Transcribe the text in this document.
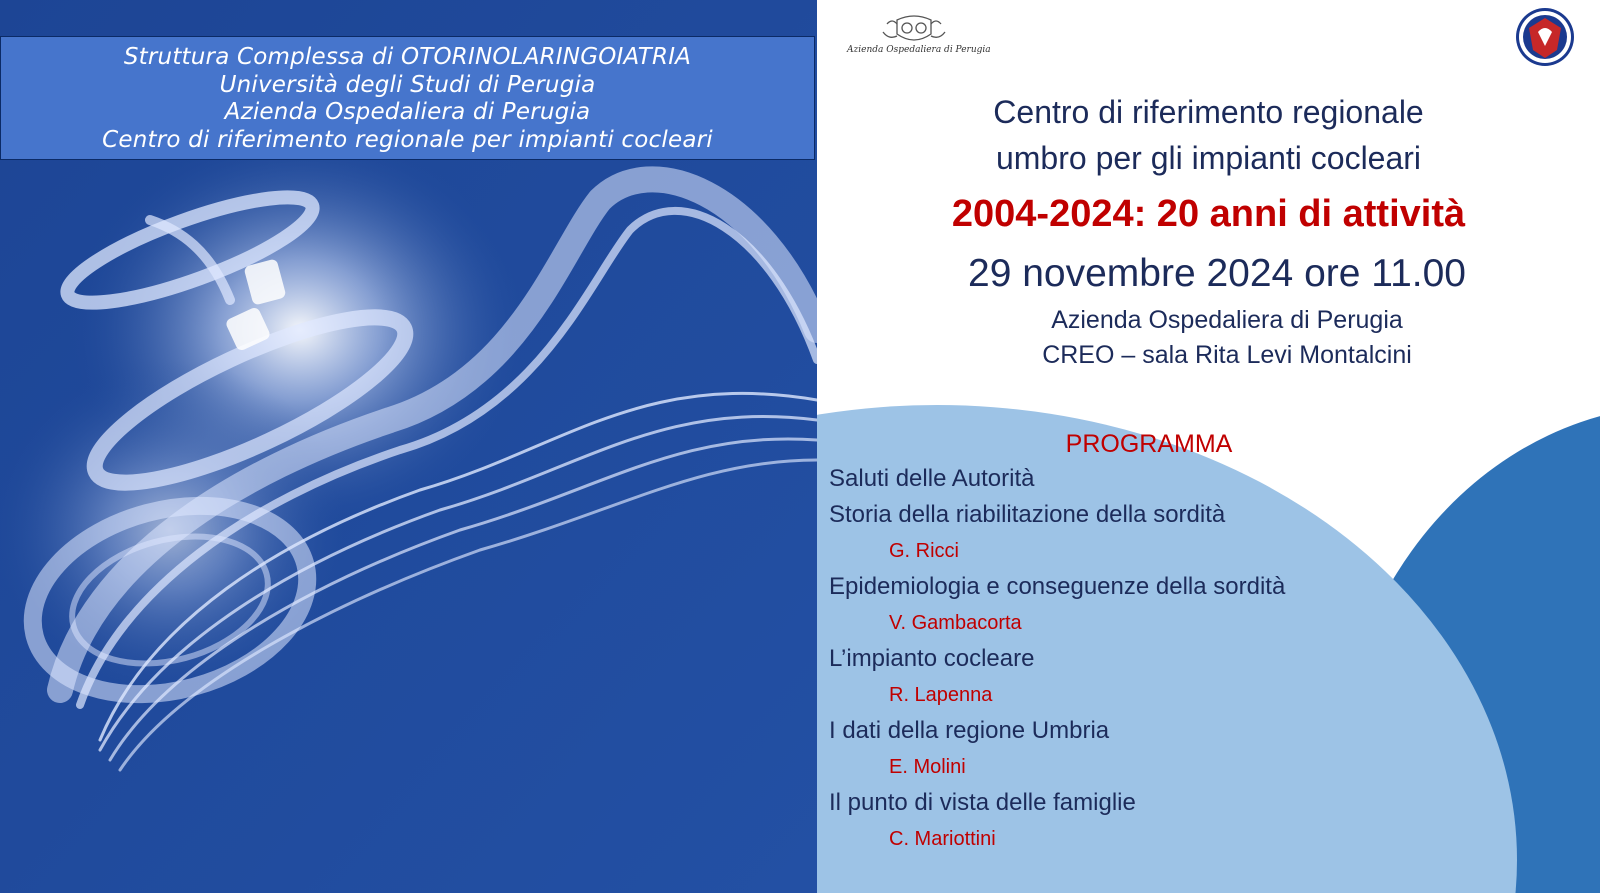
Struttura Complessa di OTORINOLARINGOIATRIA
Università degli Studi di Perugia
Azienda Ospedaliera di Perugia
Centro di riferimento regionale per impianti cocleari
Azienda Ospedaliera di Perugia
Centro di riferimento regionale
umbro per gli impianti cocleari
2004-2024: 20 anni di attività
29 novembre 2024 ore 11.00
Azienda Ospedaliera di Perugia
CREO – sala Rita Levi Montalcini
PROGRAMMA
Saluti delle Autorità
Storia della riabilitazione della sordità
G. Ricci
Epidemiologia e conseguenze della sordità
V. Gambacorta
L’impianto cocleare
R. Lapenna
I dati della regione Umbria
E. Molini
Il punto di vista delle famiglie
C. Mariottini
